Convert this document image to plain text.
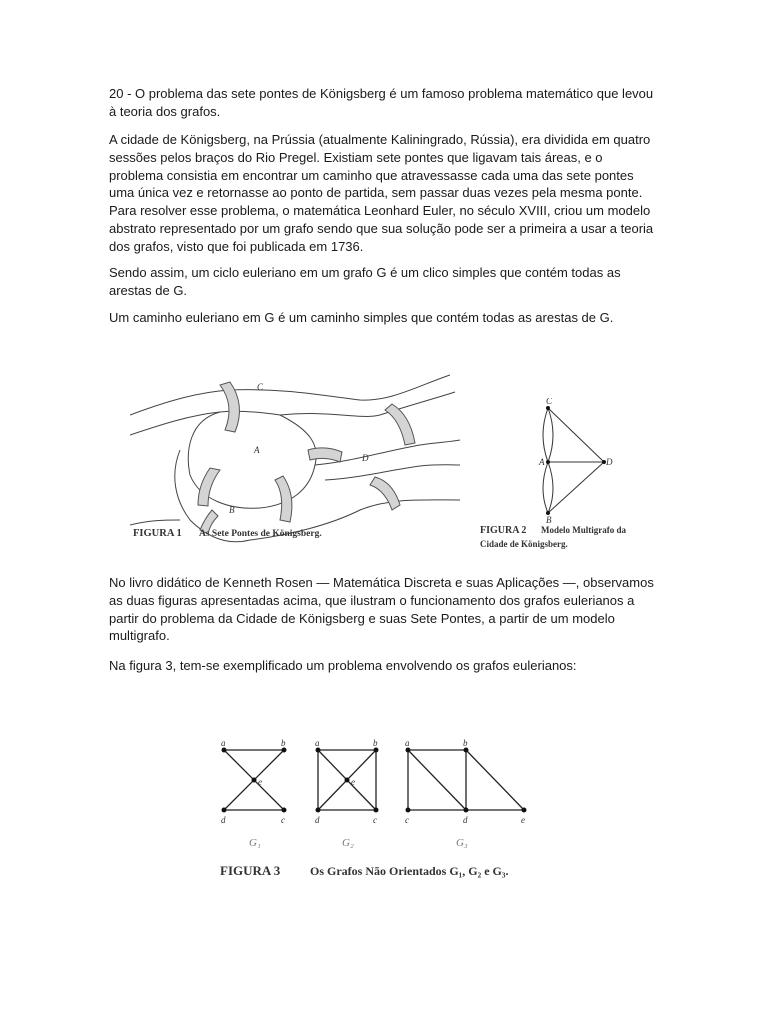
20 - O problema das sete pontes de Königsberg é um famoso problema matemático que levou à teoria dos grafos.

A cidade de Königsberg, na Prússia (atualmente Kaliningrado, Rússia), era dividida em quatro sessões pelos braços do Rio Pregel. Existiam sete pontes que ligavam tais áreas, e o problema consistia em encontrar um caminho que atravessasse cada uma das sete pontes uma única vez e retornasse ao ponto de partida, sem passar duas vezes pela mesma ponte. Para resolver esse problema, o matemática Leonhard Euler, no século XVIII, criou um modelo abstrato representado por um grafo sendo que sua solução pode ser a primeira a usar a teoria dos grafos, visto que foi publicada em 1736.

Sendo assim, um ciclo euleriano em um grafo G é um clico simples que contém todas as arestas de G.

Um caminho euleriano em G é um caminho simples que contém todas as arestas de G.

C
A
D
B
FIGURA 1 As Sete Pontes de Königsberg.
C
A	D
B
FIGURA 2 Modelo Multigrafo da
Cidade de Königsberg.

No livro didático de Kenneth Rosen — Matemática Discreta e suas Aplicações —, observamos as duas figuras apresentadas acima, que ilustram o funcionamento dos grafos eulerianos a partir do problema da Cidade de Königsberg e suas Sete Pontes, a partir de um modelo multigrafo.

Na figura 3, tem-se exemplificado um problema envolvendo os grafos eulerianos:

a	b
e
d	c
G₁
a	b
e
d	c
G₂
a	b
c	d	e
G₃
FIGURA 3 Os Grafos Não Orientados G₁, G₂ e G₃.
